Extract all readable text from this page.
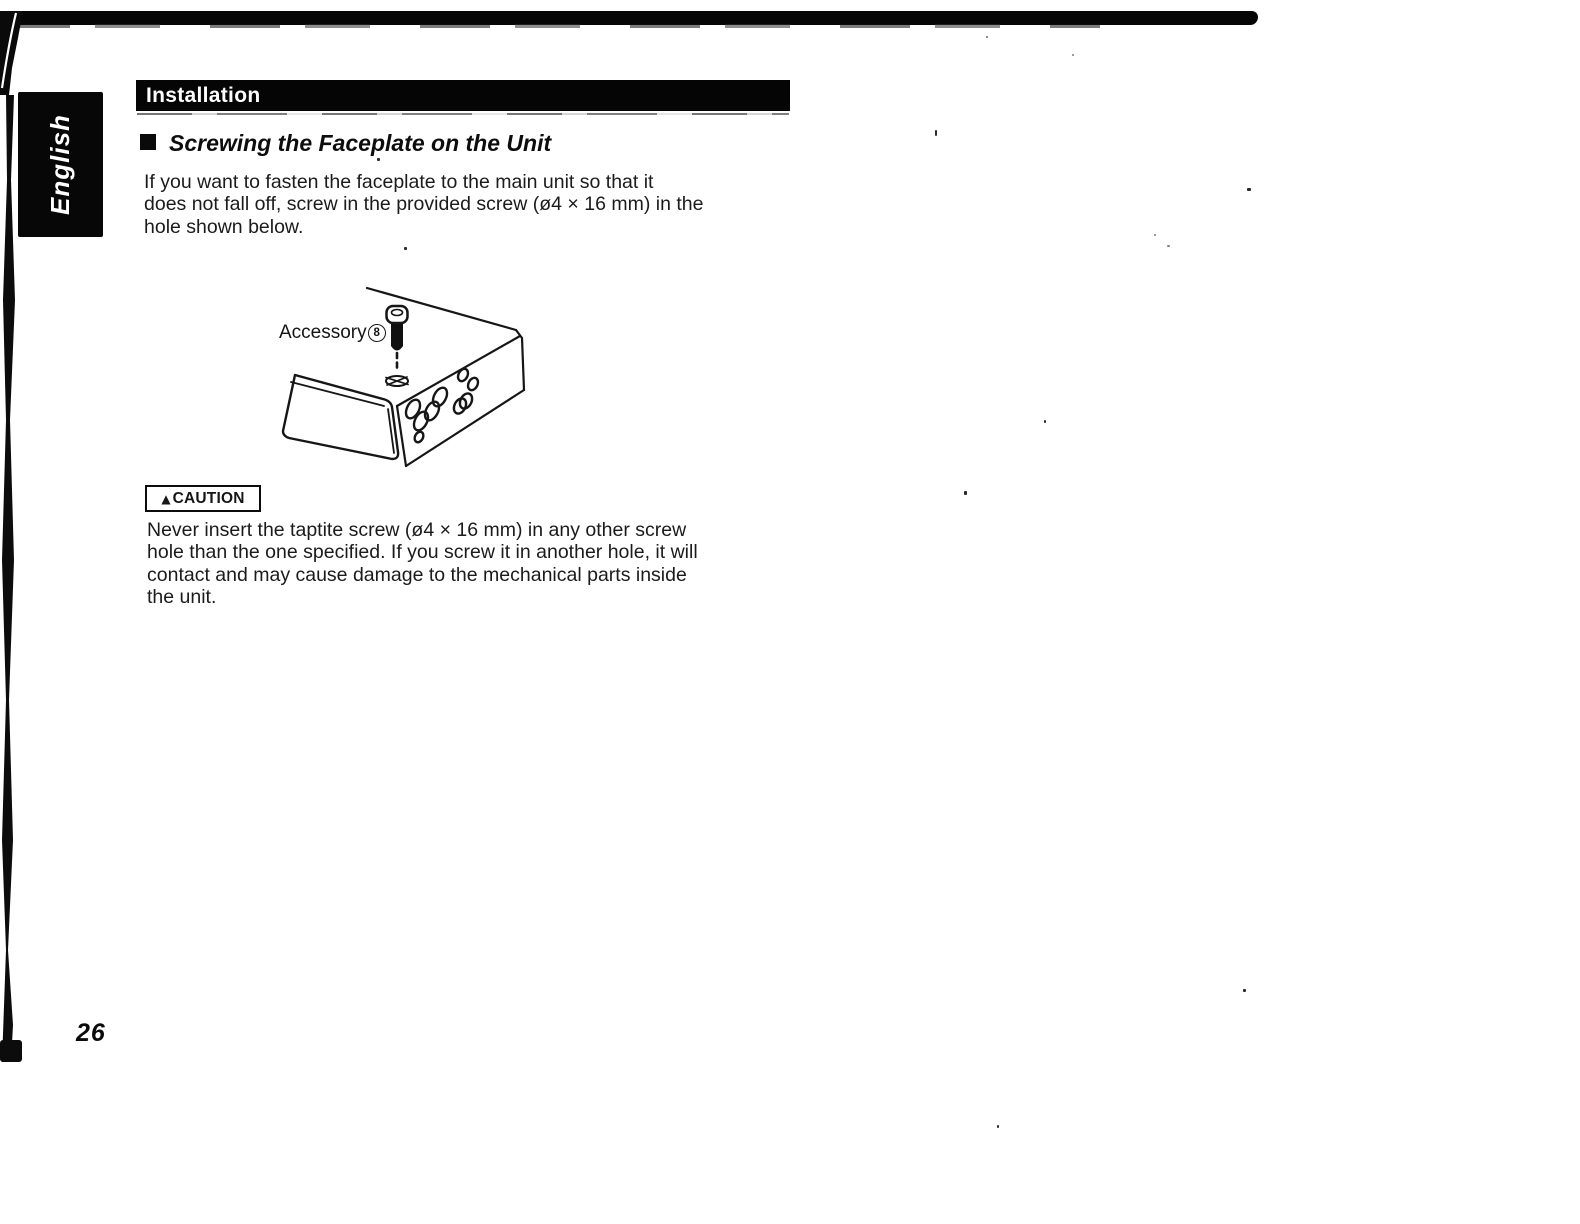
English
Installation
Screwing the Faceplate on the Unit
If you want to fasten the faceplate to the main unit so that it
does not fall off, screw in the provided screw (ø4 × 16 mm) in the
hole shown below.
Accessory 8
▲ CAUTION
Never insert the taptite screw (ø4 × 16 mm) in any other screw
hole than the one specified. If you screw it in another hole, it will
contact and may cause damage to the mechanical parts inside
the unit.
26
